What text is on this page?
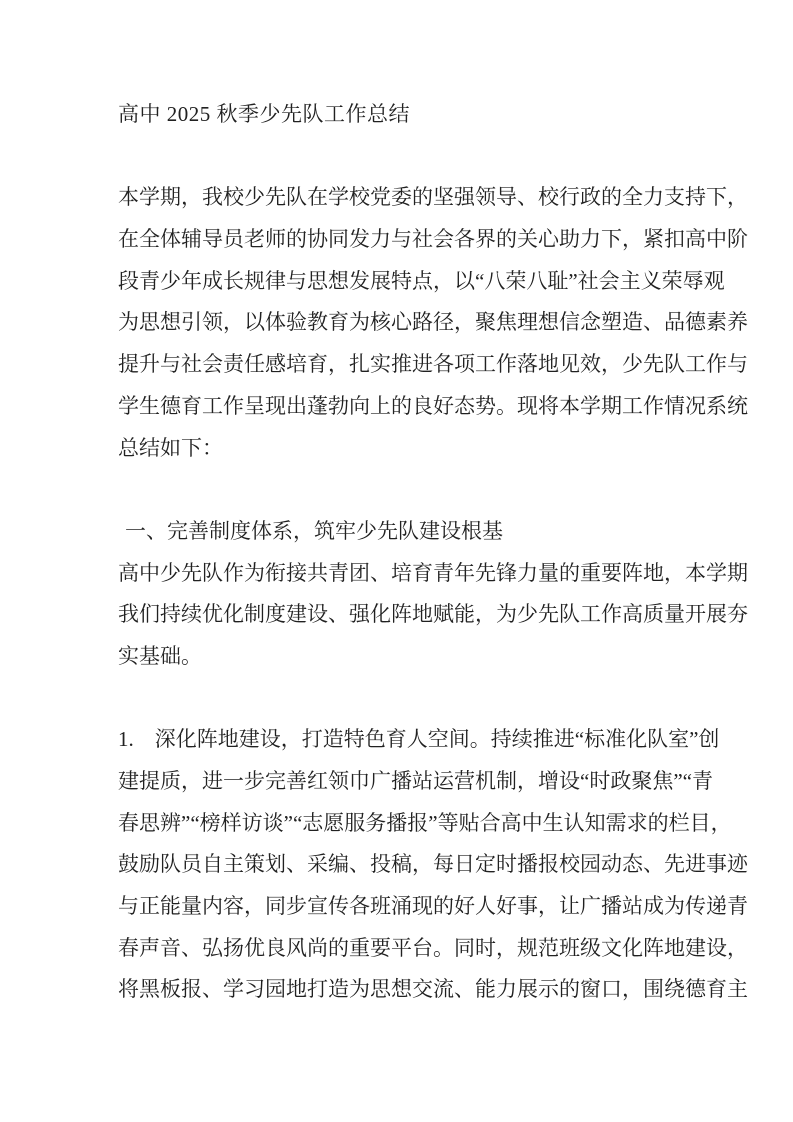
高中 2025 秋季少先队工作总结
本学期，我校少先队在学校党委的坚强领导、校行政的全力支持下，
在全体辅导员老师的协同发力与社会各界的关心助力下，紧扣高中阶
段青少年成长规律与思想发展特点，以“八荣八耻”社会主义荣辱观
为思想引领，以体验教育为核心路径，聚焦理想信念塑造、品德素养
提升与社会责任感培育，扎实推进各项工作落地见效，少先队工作与
学生德育工作呈现出蓬勃向上的良好态势。现将本学期工作情况系统
总结如下：
一、完善制度体系，筑牢少先队建设根基
高中少先队作为衔接共青团、培育青年先锋力量的重要阵地，本学期
我们持续优化制度建设、强化阵地赋能，为少先队工作高质量开展夯
实基础。
1.　深化阵地建设，打造特色育人空间。持续推进“标准化队室”创
建提质，进一步完善红领巾广播站运营机制，增设“时政聚焦”“青
春思辨”“榜样访谈”“志愿服务播报”等贴合高中生认知需求的栏目，
鼓励队员自主策划、采编、投稿，每日定时播报校园动态、先进事迹
与正能量内容，同步宣传各班涌现的好人好事，让广播站成为传递青
春声音、弘扬优良风尚的重要平台。同时，规范班级文化阵地建设，
将黑板报、学习园地打造为思想交流、能力展示的窗口，围绕德育主
